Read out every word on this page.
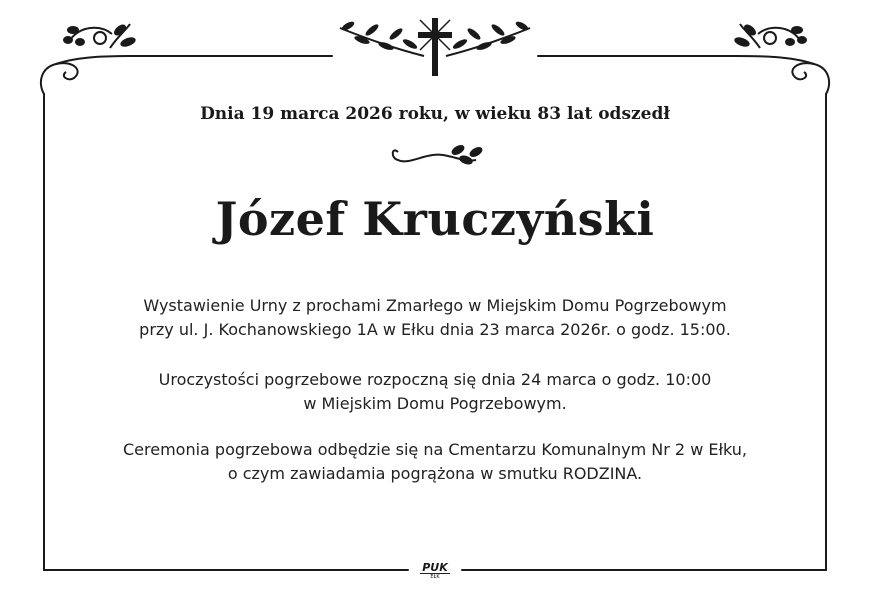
Dnia 19 marca 2026 roku, w wieku 83 lat odszedł
Józef Kruczyński
Wystawienie Urny z prochami Zmarłego w Miejskim Domu Pogrzebowym
przy ul. J. Kochanowskiego 1A w Ełku dnia 23 marca 2026r. o godz. 15:00.
Uroczystości pogrzebowe rozpoczną się dnia 24 marca o godz. 10:00
w Miejskim Domu Pogrzebowym.
Ceremonia pogrzebowa odbędzie się na Cmentarzu Komunalnym Nr 2 w Ełku,
o czym zawiadamia pogrążona w smutku RODZINA.
PUK
EŁK
